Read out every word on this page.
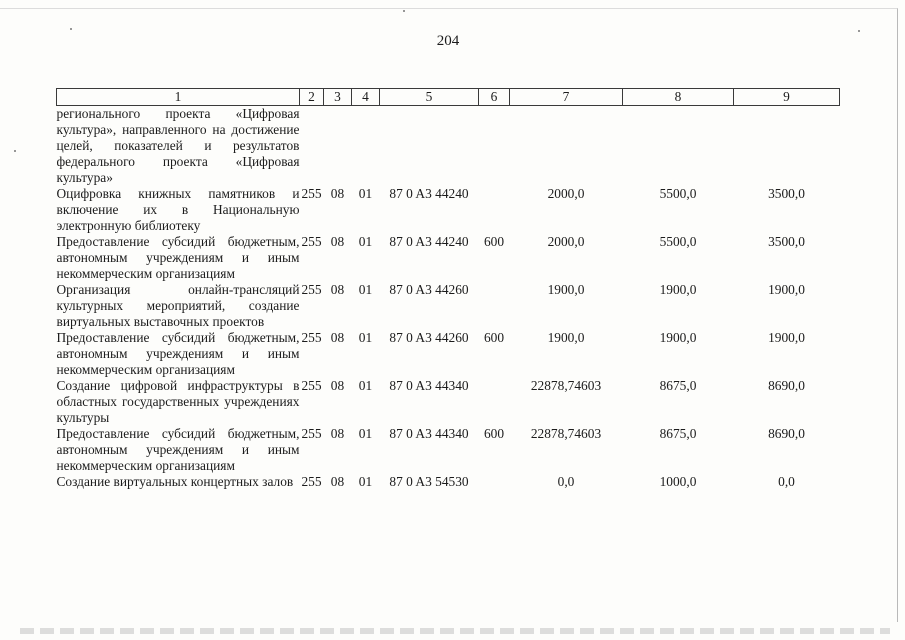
204
1	2	3	4	5	6	7	8	9
регионального проекта «Цифровая культура», направленного на достижение целей, показателей и результатов федерального проекта «Цифровая культура»								
Оцифровка книжных памятников и включение их в Национальную электронную библиотеку	255	08	01	87 0 A3 44240		2000,0	5500,0	3500,0
Предоставление субсидий бюджетным, автономным учреждениям и иным некоммерческим организациям	255	08	01	87 0 A3 44240	600	2000,0	5500,0	3500,0
Организация онлайн-трансляций культурных мероприятий, создание виртуальных выставочных проектов	255	08	01	87 0 A3 44260		1900,0	1900,0	1900,0
Предоставление субсидий бюджетным, автономным учреждениям и иным некоммерческим организациям	255	08	01	87 0 A3 44260	600	1900,0	1900,0	1900,0
Создание цифровой инфраструктуры в областных государственных учреждениях культуры	255	08	01	87 0 A3 44340		22878,74603	8675,0	8690,0
Предоставление субсидий бюджетным, автономным учреждениям и иным некоммерческим организациям	255	08	01	87 0 A3 44340	600	22878,74603	8675,0	8690,0
Создание виртуальных концертных залов	255	08	01	87 0 A3 54530		0,0	1000,0	0,0
